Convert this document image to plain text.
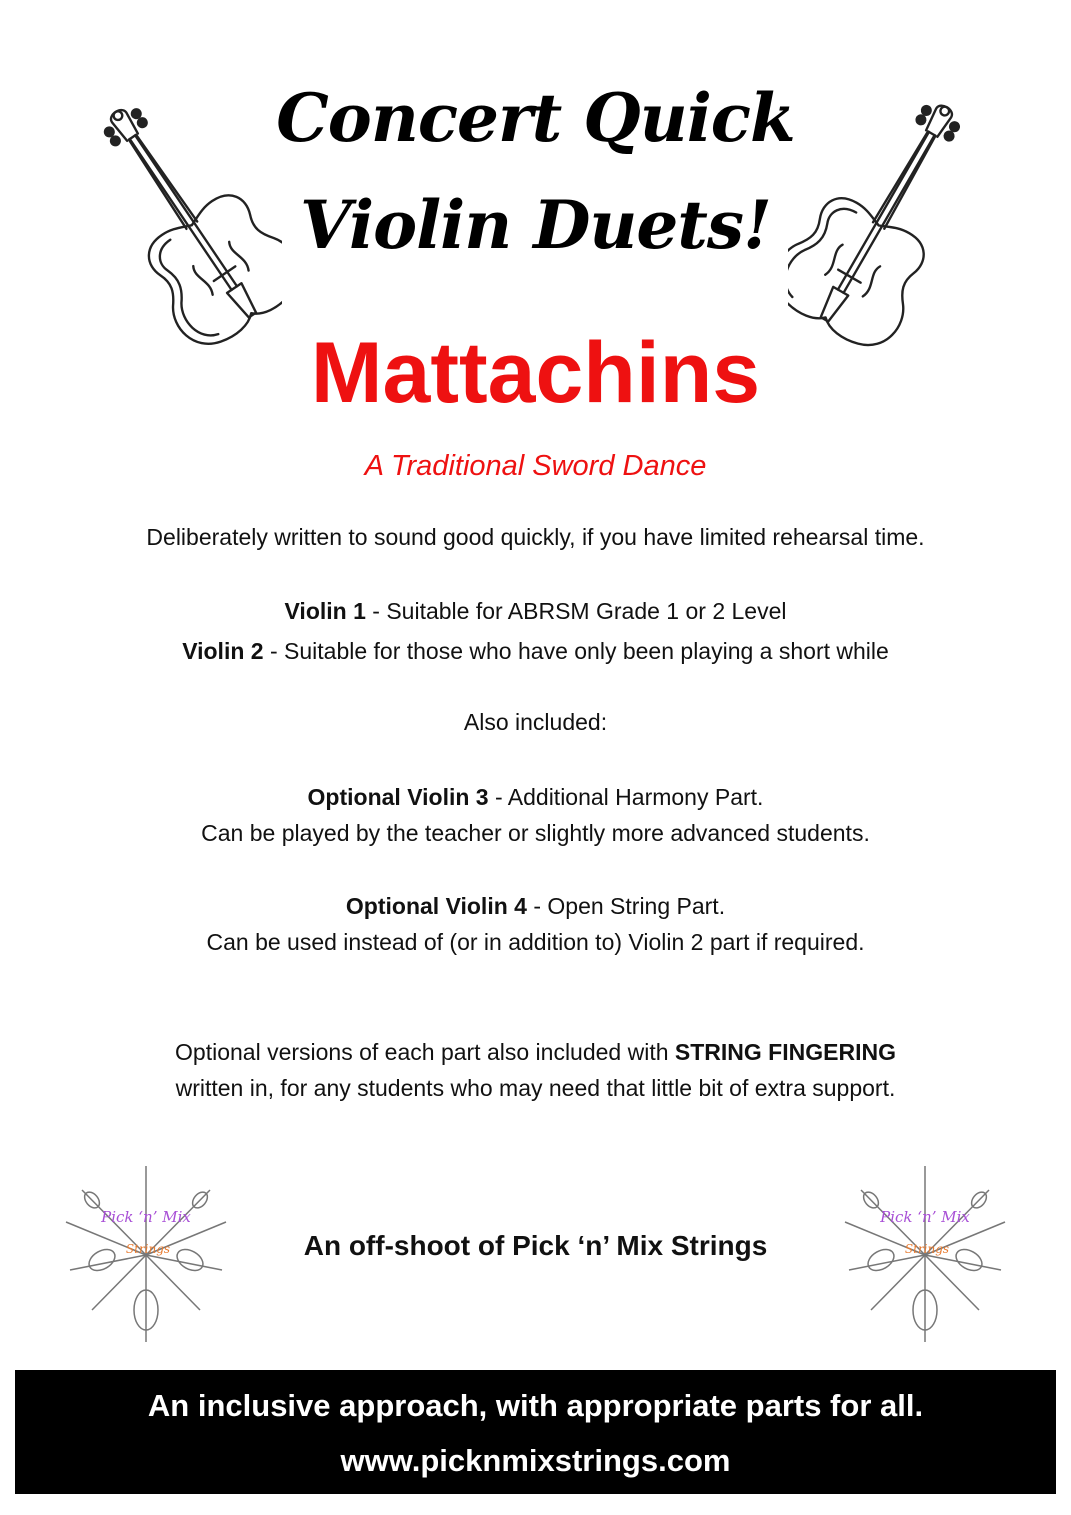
Concert Quick
Violin Duets!
Mattachins
A Traditional Sword Dance
Deliberately written to sound good quickly, if you have limited rehearsal time.
Violin 1 - Suitable for ABRSM Grade 1 or 2 Level
Violin 2 - Suitable for those who have only been playing a short while
Also included:
Optional Violin 3 - Additional Harmony Part.
Can be played by the teacher or slightly more advanced students.
Optional Violin 4 - Open String Part.
Can be used instead of (or in addition to) Violin 2 part if required.
Optional versions of each part also included with STRING FINGERING
written in, for any students who may need that little bit of extra support.
Pick ‘n’ Mix
Strings	An off-shoot of Pick ‘n’ Mix Strings
Pick ‘n’ Mix
Strings
An inclusive approach, with appropriate parts for all.
www.picknmixstrings.com
